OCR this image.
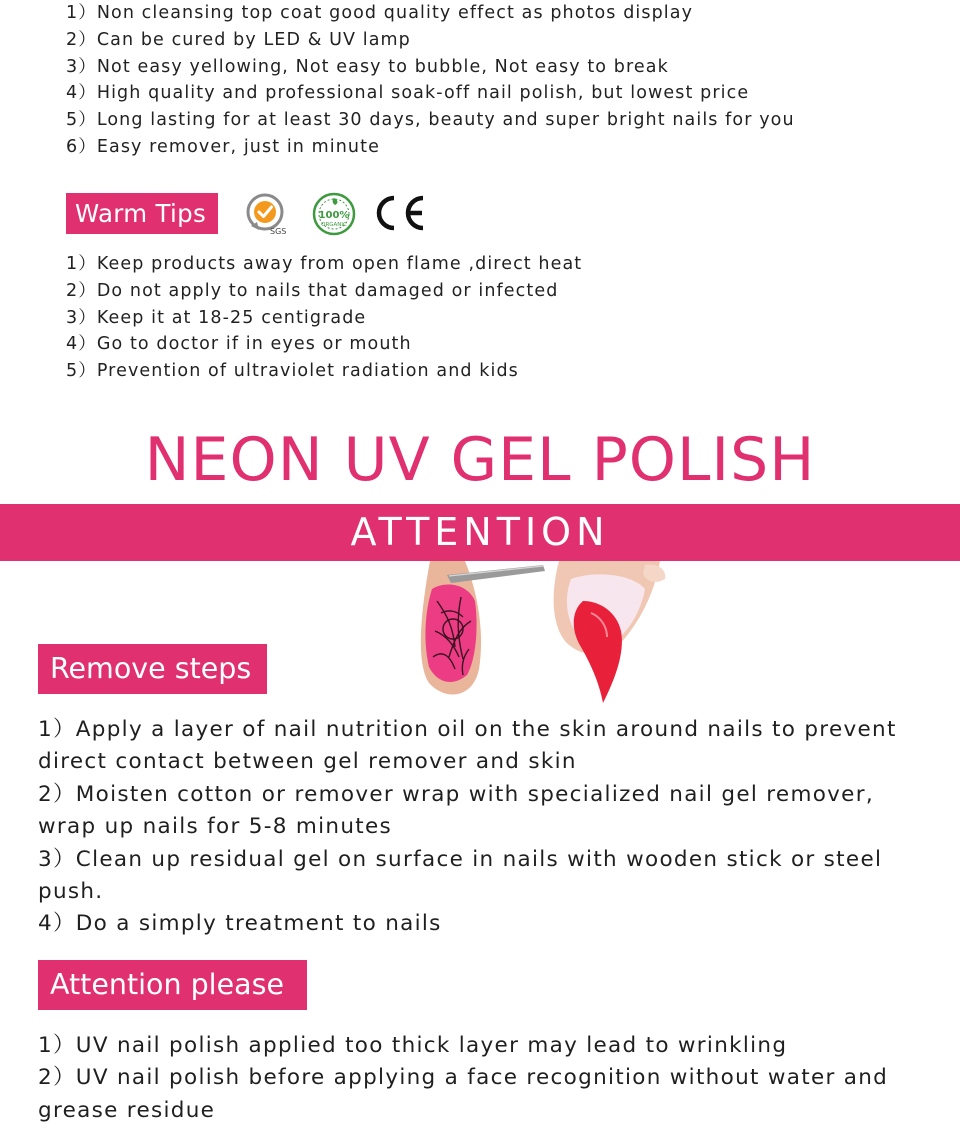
1）Non cleansing top coat good quality effect as photos display
2）Can be cured by LED & UV lamp
3）Not easy yellowing, Not easy to bubble, Not easy to break
4）High quality and professional soak-off nail polish, but lowest price
5）Long lasting for at least 30 days, beauty and super bright nails for you
6）Easy remover, just in minute
Warm Tips
SGS
100%
ORGANIC
1）Keep products away from open flame ,direct heat
2）Do not apply to nails that damaged or infected
3）Keep it at 18-25 centigrade
4）Go to doctor if in eyes or mouth
5）Prevention of ultraviolet radiation and kids
NEON UV GEL POLISH
ATTENTION
Remove steps
1）Apply a layer of nail nutrition oil on the skin around nails to prevent direct contact between gel remover and skin
2）Moisten cotton or remover wrap with specialized nail gel remover, wrap up nails for 5-8 minutes
3）Clean up residual gel on surface in nails with wooden stick or steel push.
4）Do a simply treatment to nails
Attention please
1）UV nail polish applied too thick layer may lead to wrinkling
2）UV nail polish before applying a face recognition without water and grease residue
